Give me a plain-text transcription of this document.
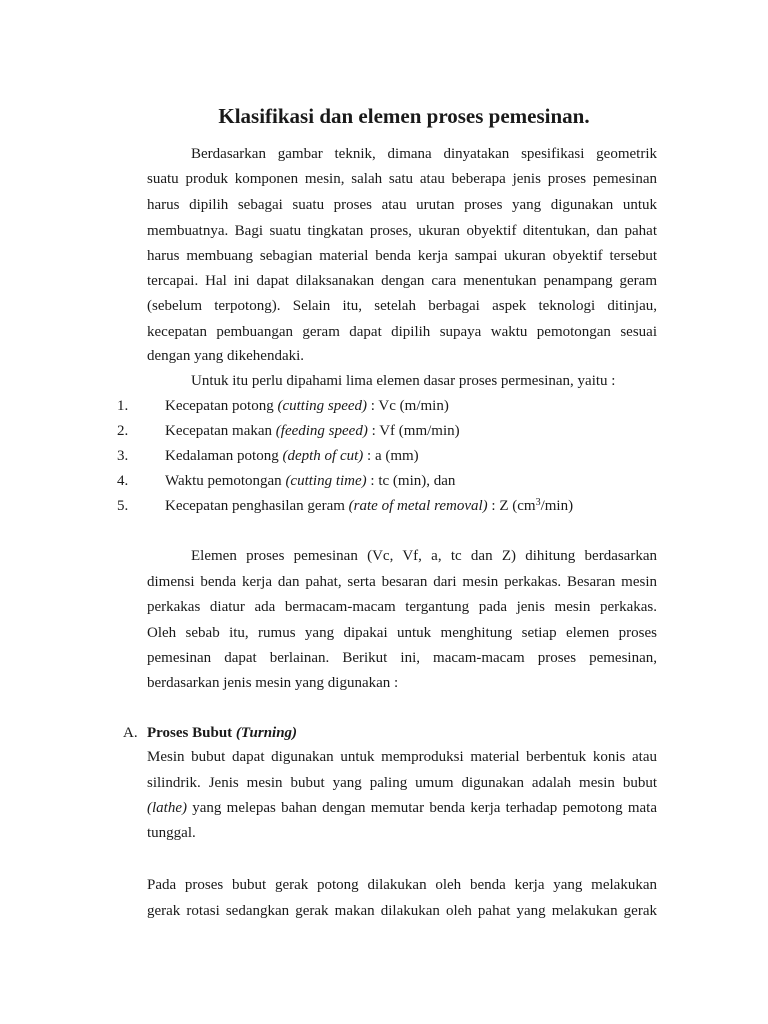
Klasifikasi dan elemen proses pemesinan.
Berdasarkan gambar teknik, dimana dinyatakan spesifikasi geometrik
suatu produk komponen mesin, salah satu atau beberapa jenis proses pemesinan
harus dipilih sebagai suatu proses atau urutan proses yang digunakan untuk
membuatnya. Bagi suatu tingkatan proses, ukuran obyektif ditentukan, dan pahat
harus membuang sebagian material benda kerja sampai ukuran obyektif tersebut
tercapai. Hal ini dapat dilaksanakan dengan cara menentukan penampang geram
(sebelum terpotong). Selain itu, setelah berbagai aspek teknologi ditinjau,
kecepatan pembuangan geram dapat dipilih supaya waktu pemotongan sesuai
dengan yang dikehendaki.
Untuk itu perlu dipahami lima elemen dasar proses permesinan, yaitu :
1. Kecepatan potong (cutting speed) : Vc (m/min)
2. Kecepatan makan (feeding speed) : Vf (mm/min)
3. Kedalaman potong (depth of cut) : a (mm)
4. Waktu pemotongan (cutting time) : tc (min), dan
5. Kecepatan penghasilan geram (rate of metal removal) : Z $(cm^3/\min)$
Elemen proses pemesinan (Vc, Vf, a, tc dan Z) dihitung berdasarkan
dimensi benda kerja dan pahat, serta besaran dari mesin perkakas. Besaran mesin
perkakas diatur ada bermacam-macam tergantung pada jenis mesin perkakas.
Oleh sebab itu, rumus yang dipakai untuk menghitung setiap elemen proses
pemesinan dapat berlainan. Berikut ini, macam-macam proses pemesinan,
berdasarkan jenis mesin yang digunakan :
A. Proses Bubut (Turning)
Mesin bubut dapat digunakan untuk memproduksi material berbentuk konis atau
silindrik. Jenis mesin bubut yang paling umum digunakan adalah mesin bubut
(lathe) yang melepas bahan dengan memutar benda kerja terhadap pemotong mata
tunggal.
Pada proses bubut gerak potong dilakukan oleh benda kerja yang melakukan
gerak rotasi sedangkan gerak makan dilakukan oleh pahat yang melakukan gerak
